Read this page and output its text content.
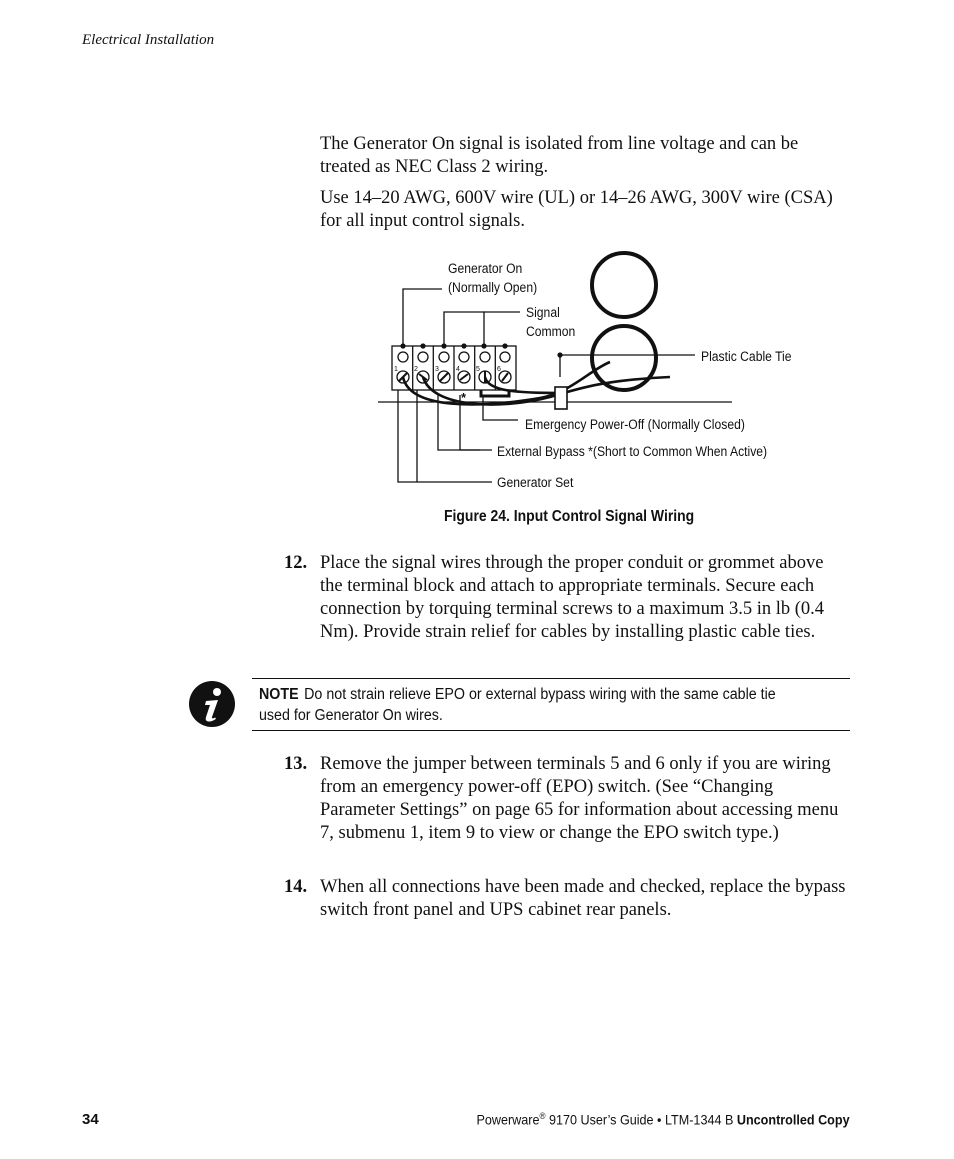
Electrical Installation
The Generator On signal is isolated from line voltage and can be treated as NEC Class 2 wiring.
Use 14–20 AWG, 600V wire (UL) or 14–26 AWG, 300V wire (CSA) for all input control signals.
1 2 3 4 5 6
*
Generator On
(Normally Open)
Signal
Common
Plastic Cable Tie
Emergency Power-Off (Normally Closed)
External Bypass *(Short to Common When Active)
Generator Set
Figure 24. Input Control Signal Wiring
12. Place the signal wires through the proper conduit or grommet above the terminal block and attach to appropriate terminals. Secure each connection by torquing terminal screws to a maximum 3.5 in lb (0.4 Nm). Provide strain relief for cables by installing plastic cable ties.
NOTE Do not strain relieve EPO or external bypass wiring with the same cable tie used for Generator On wires.
13. Remove the jumper between terminals 5 and 6 only if you are wiring from an emergency power-off (EPO) switch. (See “Changing Parameter Settings” on page 65 for information about accessing menu 7, submenu 1, item 9 to view or change the EPO switch type.)
14. When all connections have been made and checked, replace the bypass switch front panel and UPS cabinet rear panels.
34	Powerware® 9170 User’s Guide • LTM-1344 B Uncontrolled Copy
